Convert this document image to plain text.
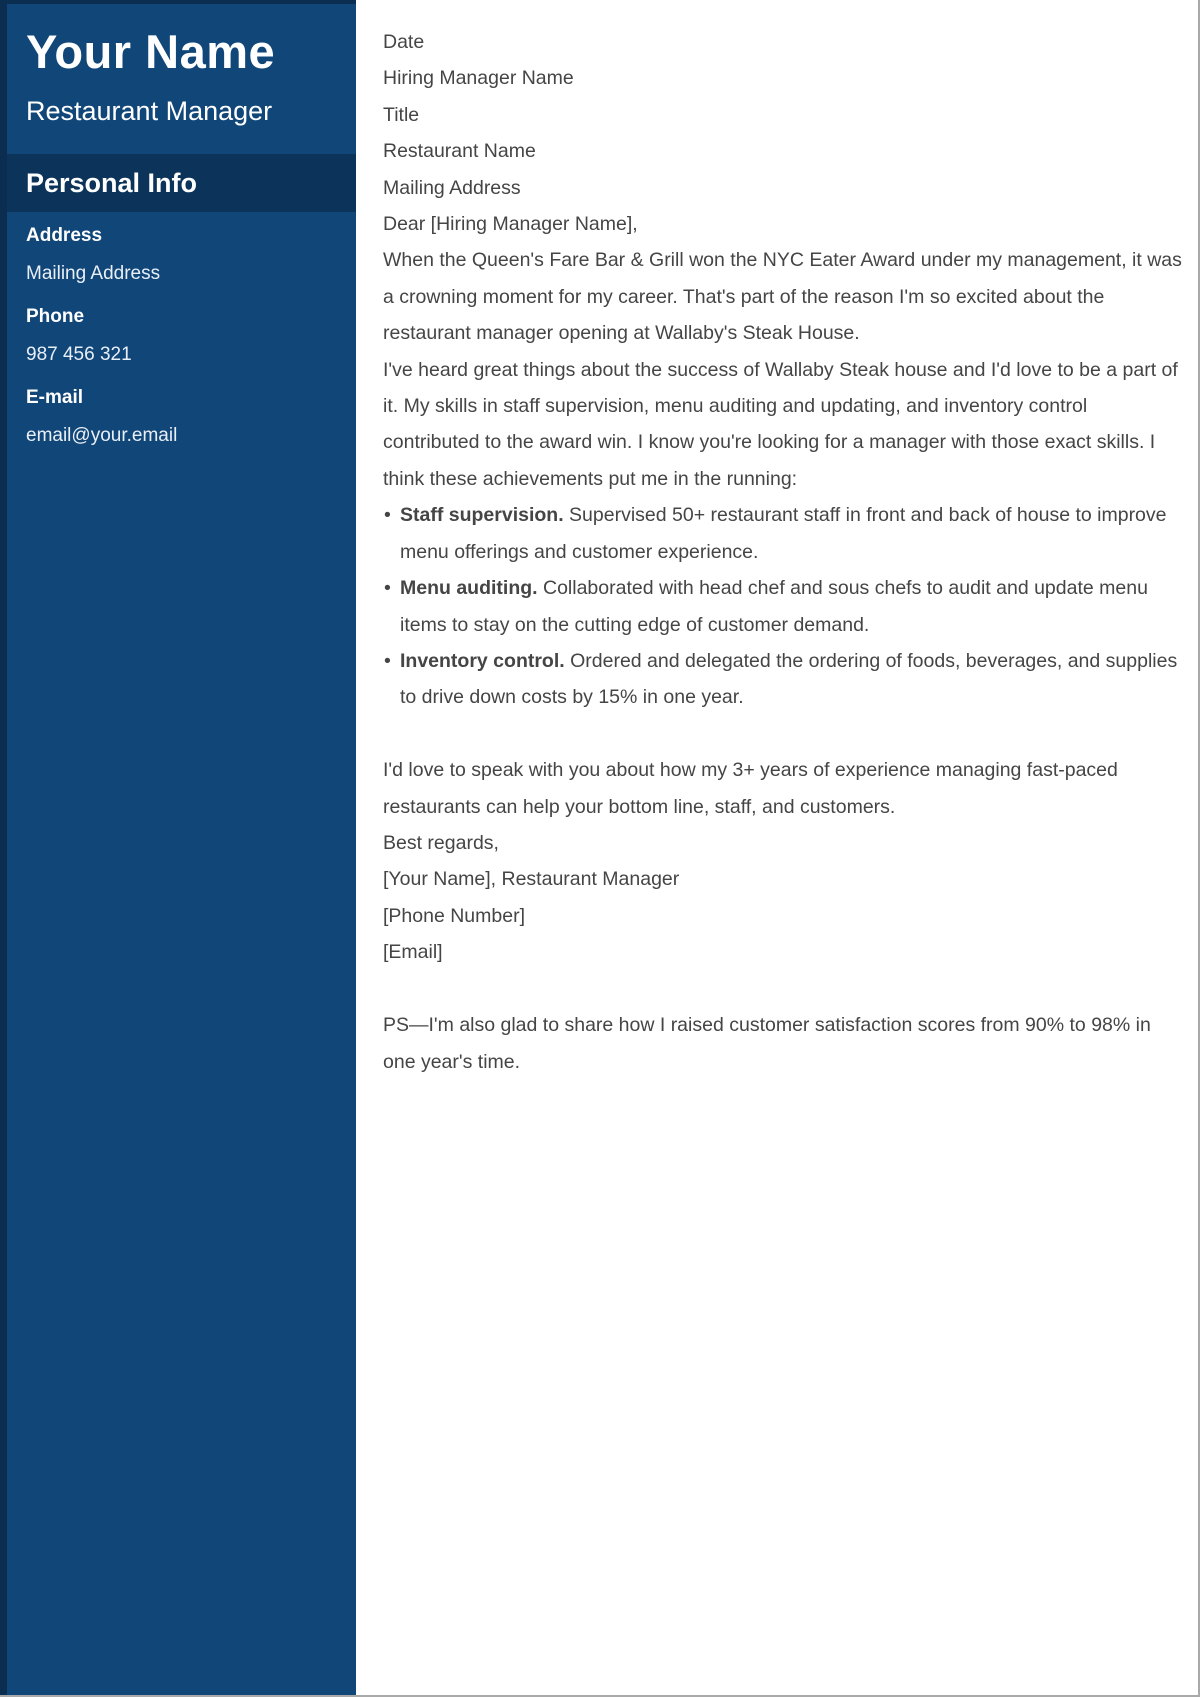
Your Name
Restaurant Manager
Personal Info
Address
Mailing Address
Phone
987 456 321
E-mail
email@your.email
Date
Hiring Manager Name
Title
Restaurant Name
Mailing Address

Dear [Hiring Manager Name],

When the Queen's Fare Bar & Grill won the NYC Eater Award under my management, it was a crowning moment for my career. That's part of the reason I'm so excited about the restaurant manager opening at Wallaby's Steak House.

I've heard great things about the success of Wallaby Steak house and I'd love to be a part of it. My skills in staff supervision, menu auditing and updating, and inventory control contributed to the award win. I know you're looking for a manager with those exact skills. I think these achievements put me in the running:

• Staff supervision. Supervised 50+ restaurant staff in front and back of house to improve menu offerings and customer experience.
• Menu auditing. Collaborated with head chef and sous chefs to audit and update menu items to stay on the cutting edge of customer demand.
• Inventory control. Ordered and delegated the ordering of foods, beverages, and supplies to drive down costs by 15% in one year.

I'd love to speak with you about how my 3+ years of experience managing fast-paced restaurants can help your bottom line, staff, and customers.

Best regards,

[Your Name], Restaurant Manager
[Phone Number]
[Email]

PS—I'm also glad to share how I raised customer satisfaction scores from 90% to 98% in one year's time.
